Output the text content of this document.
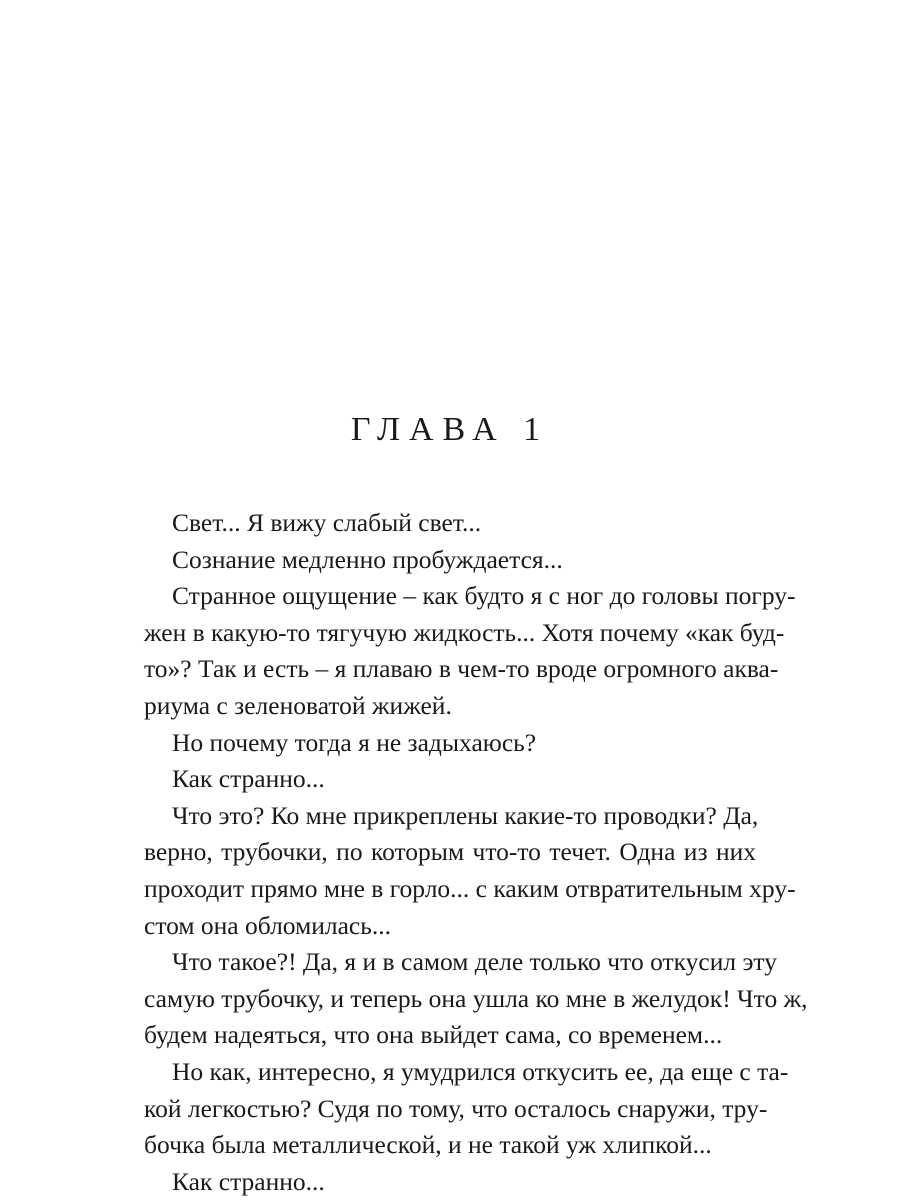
ГЛАВА 1
Свет... Я вижу слабый свет...
Сознание медленно пробуждается...
Странное ощущение – как будто я с ног до головы погру-
жен в какую-то тягучую жидкость... Хотя почему «как буд-
то»? Так и есть – я плаваю в чем-то вроде огромного аква-
риума с зеленоватой жижей.
Но почему тогда я не задыхаюсь?
Как странно...
Что это? Ко мне прикреплены какие-то проводки? Да,
верно, трубочки, по которым что-то течет. Одна из них
проходит прямо мне в горло... с каким отвратительным хру-
стом она обломилась...
Что такое?! Да, я и в самом деле только что откусил эту
самую трубочку, и теперь она ушла ко мне в желудок! Что ж,
будем надеяться, что она выйдет сама, со временем...
Но как, интересно, я умудрился откусить ее, да еще с та-
кой легкостью? Судя по тому, что осталось снаружи, тру-
бочка была металлической, и не такой уж хлипкой...
Как странно...
